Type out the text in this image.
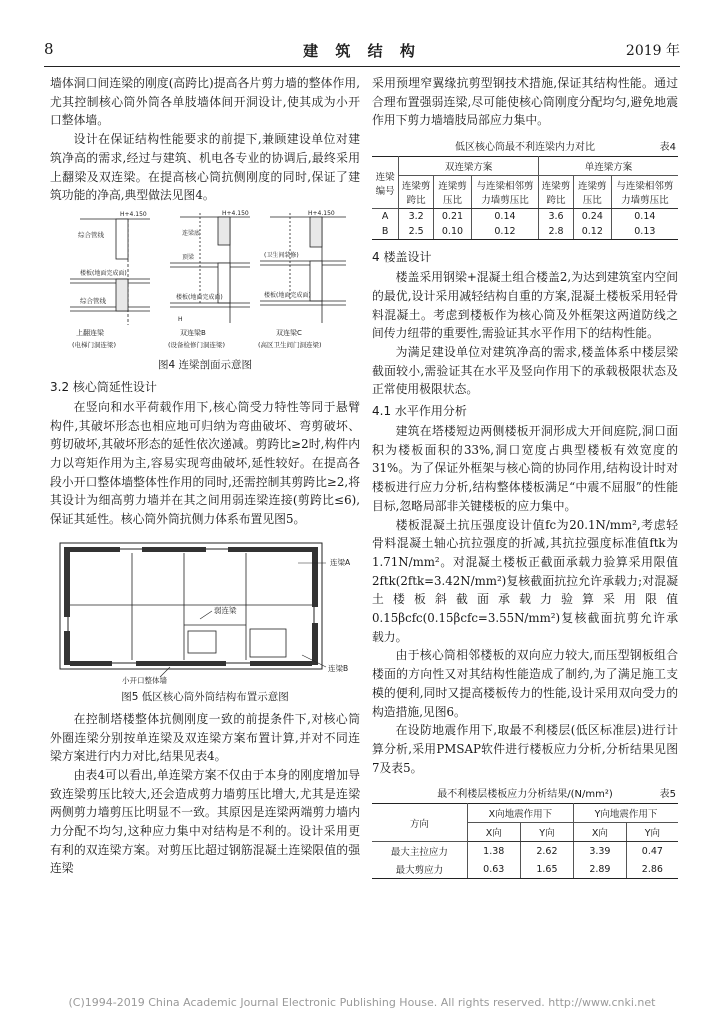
8	建 筑 结 构	2019 年

墙体洞口间连梁的刚度(高跨比)提高各片剪力墙的整体作用,尤其控制核心筒外筒各单肢墙体间开洞设计,使其成为小开口整体墙。

设计在保证结构性能要求的前提下,兼顾建设单位对建筑净高的需求,经过与建筑、机电各专业的协调后,最终采用上翻梁及双连梁。在提高核心筒抗侧刚度的同时,保证了建筑功能的净高,典型做法见图4。

H+4.150
综合管线
楼板(地面完成面)
综合管线
上翻连梁
(电梯门洞连梁)
H+4.150
连梁底
顶梁
楼板(地面完成面)
H
双连梁B
(设备检修门洞连梁)
H+4.150
(卫生间装修)
楼板(地面完成面)
双连梁C
(高区卫生间门洞连梁)
图4 连梁剖面示意图
3.2 核心筒延性设计

在竖向和水平荷载作用下,核心筒受力特性等同于悬臂构件,其破坏形态也相应地可归纳为弯曲破坏、弯剪破坏、剪切破坏,其破坏形态的延性依次递减。剪跨比≥2时,构件内力以弯矩作用为主,容易实现弯曲破坏,延性较好。在提高各段小开口整体墙整体性作用的同时,还需控制其剪跨比≥2,将其设计为细高剪力墙并在其之间用弱连梁连接(剪跨比≤6),保证其延性。核心筒外筒抗侧力体系布置见图5。

连梁A
弱连梁
小开口整体墙
连梁B
图5 低区核心筒外筒结构布置示意图

在控制塔楼整体抗侧刚度一致的前提条件下,对核心筒外圈连梁分别按单连梁及双连梁方案布置计算,并对不同连梁方案进行内力对比,结果见表4。

由表4可以看出,单连梁方案不仅由于本身的刚度增加导致连梁剪压比较大,还会造成剪力墙剪压比增大,尤其是连梁两侧剪力墙剪压比明显不一致。其原因是连梁两端剪力墙内力分配不均匀,这种应力集中对结构是不利的。设计采用更有利的双连梁方案。对剪压比超过钢筋混凝土连梁限值的强连梁

采用预埋窄翼缘抗剪型钢技术措施,保证其结构性能。通过合理布置强弱连梁,尽可能使核心筒刚度分配均匀,避免地震作用下剪力墙墙肢局部应力集中。

低区核心筒最不利连梁内力对比	表4
连梁编号	双连梁方案			单连梁方案		
	连梁剪跨比	连梁剪压比	与连梁相邻剪力墙剪压比	连梁剪跨比	连梁剪压比	与连梁相邻剪力墙剪压比
A	3.2	0.21	0.14	3.6	0.24	0.14
B	2.5	0.10	0.12	2.8	0.12	0.13
4 楼盖设计

楼盖采用钢梁+混凝土组合楼盖2,为达到建筑室内空间的最优,设计采用减轻结构自重的方案,混凝土楼板采用轻骨料混凝土。考虑到楼板作为核心筒及外框架这两道防线之间传力纽带的重要性,需验证其水平作用下的结构性能。

为满足建设单位对建筑净高的需求,楼盖体系中楼层梁截面较小,需验证其在水平及竖向作用下的承载极限状态及正常使用极限状态。

4.1 水平作用分析

建筑在塔楼短边两侧楼板开洞形成大开间庭院,洞口面积为楼板面积的33%,洞口宽度占典型楼板有效宽度的31%。为了保证外框架与核心筒的协同作用,结构设计时对楼板进行应力分析,结构整体楼板满足“中震不屈服”的性能目标,忽略局部非关键楼板的应力集中。

楼板混凝土抗压强度设计值fc为20.1N/mm²,考虑轻骨料混凝土轴心抗拉强度的折减,其抗拉强度标准值ftk为1.71N/mm²。对混凝土楼板正截面承载力验算采用限值2ftk(2ftk=3.42N/mm²)复核截面抗拉允许承载力;对混凝土楼板斜截面承载力验算采用限值0.15βcfc(0.15βcfc=3.55N/mm²)复核截面抗剪允许承载力。

由于核心筒相邻楼板的双向应力较大,而压型钢板组合楼面的方向性又对其结构性能造成了制约,为了满足施工支模的便利,同时又提高楼板传力的性能,设计采用双向受力的构造措施,见图6。

在设防地震作用下,取最不利楼层(低区标准层)进行计算分析,采用PMSAP软件进行楼板应力分析,分析结果见图7及表5。

最不利楼层楼板应力分析结果/(N/mm²)	表5
方向	X向地震作用下		Y向地震作用下	
	X向	Y向	X向	Y向
最大主拉应力	1.38	2.62	3.39	0.47
最大剪应力	0.63	1.65	2.89	2.86
(C)1994-2019 China Academic Journal Electronic Publishing House. All rights reserved. http://www.cnki.net
